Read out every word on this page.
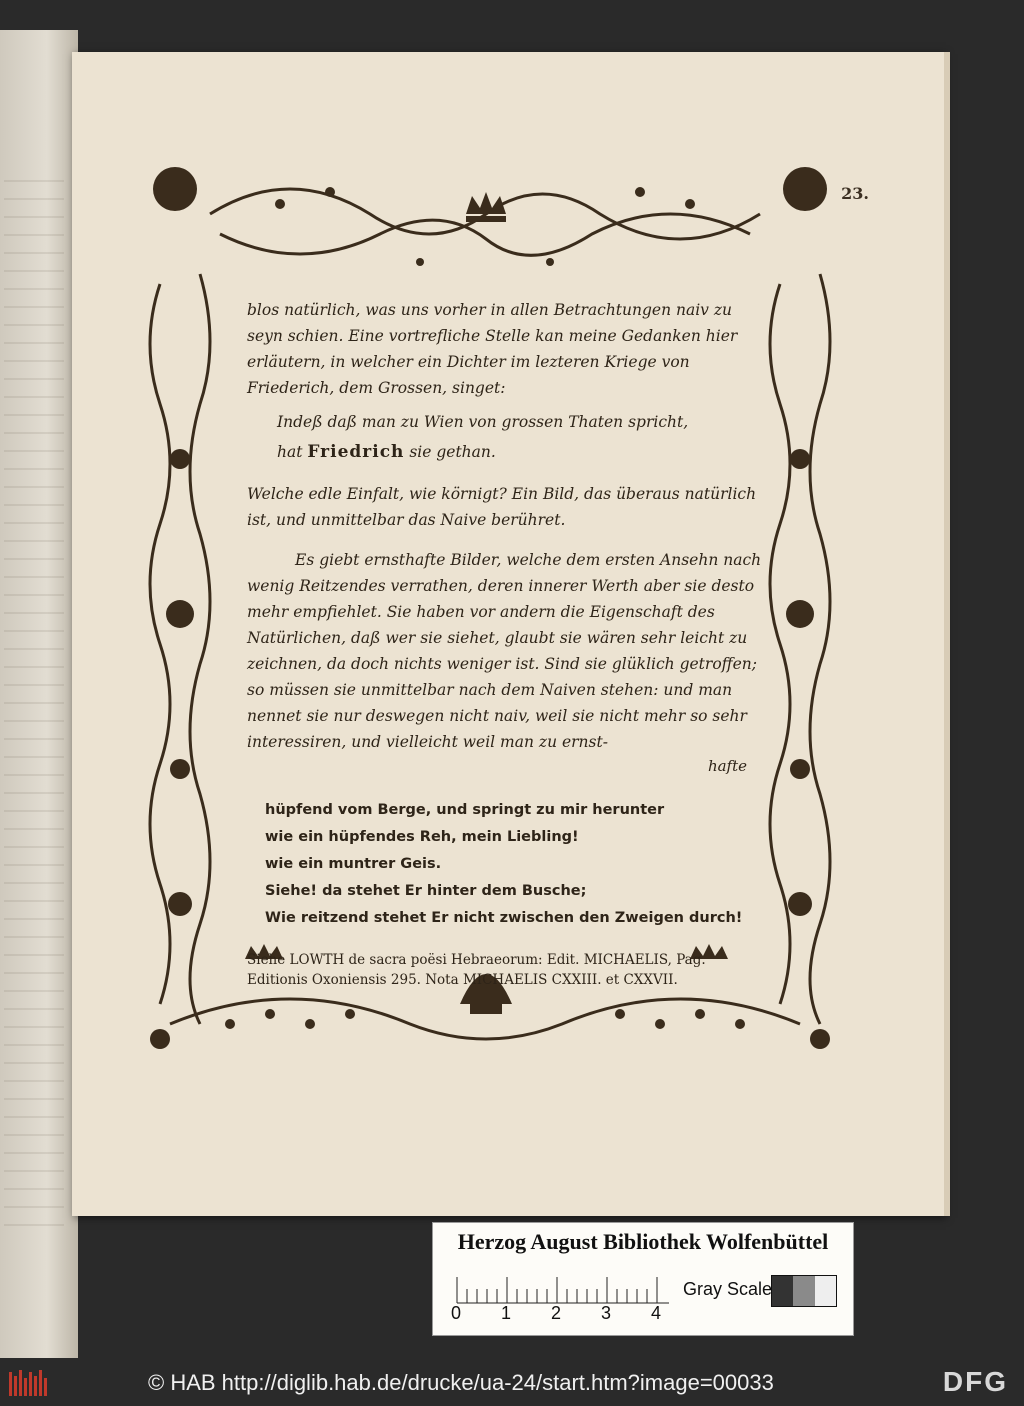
23.

blos natürlich, was uns vorher in allen Betrachtungen naiv zu seyn schien. Eine vortrefliche Stelle kan meine Gedanken hier erläutern, in welcher ein Dichter im lezteren Kriege von Friederich, dem Grossen, singet:

Indeß daß man zu Wien von grossen Thaten spricht,
hat Friedrich sie gethan.

Welche edle Einfalt, wie körnigt? Ein Bild, das überaus natürlich ist, und unmittelbar das Naive berühret.

Es giebt ernsthafte Bilder, welche dem ersten Ansehn nach wenig Reitzendes verrathen, deren innerer Werth aber sie desto mehr empfiehlet. Sie haben vor andern die Eigenschaft des Natürlichen, daß wer sie siehet, glaubt sie wären sehr leicht zu zeichnen, da doch nichts weniger ist. Sind sie glüklich getroffen; so müssen sie unmittelbar nach dem Naiven stehen: und man nennet sie nur deswegen nicht naiv, weil sie nicht mehr so sehr interessiren, und vielleicht weil man zu ernst-

hafte
hüpfend vom Berge, und springt zu mir herunter
wie ein hüpfendes Reh, mein Liebling!
wie ein muntrer Geis.
Siehe! da stehet Er hinter dem Busche;
Wie reitzend stehet Er nicht zwischen den Zweigen durch!

Siehe LOWTH de sacra poësi Hebraeorum: Edit. MICHAELIS, Pag. Editionis Oxoniensis 295. Nota MICHAELIS CXXIII. et CXXVII.

Herzog August Bibliothek Wolfenbüttel
0 1 2 3 4
Gray Scale
© HAB http://diglib.hab.de/drucke/ua-24/start.htm?image=00033	DFG
